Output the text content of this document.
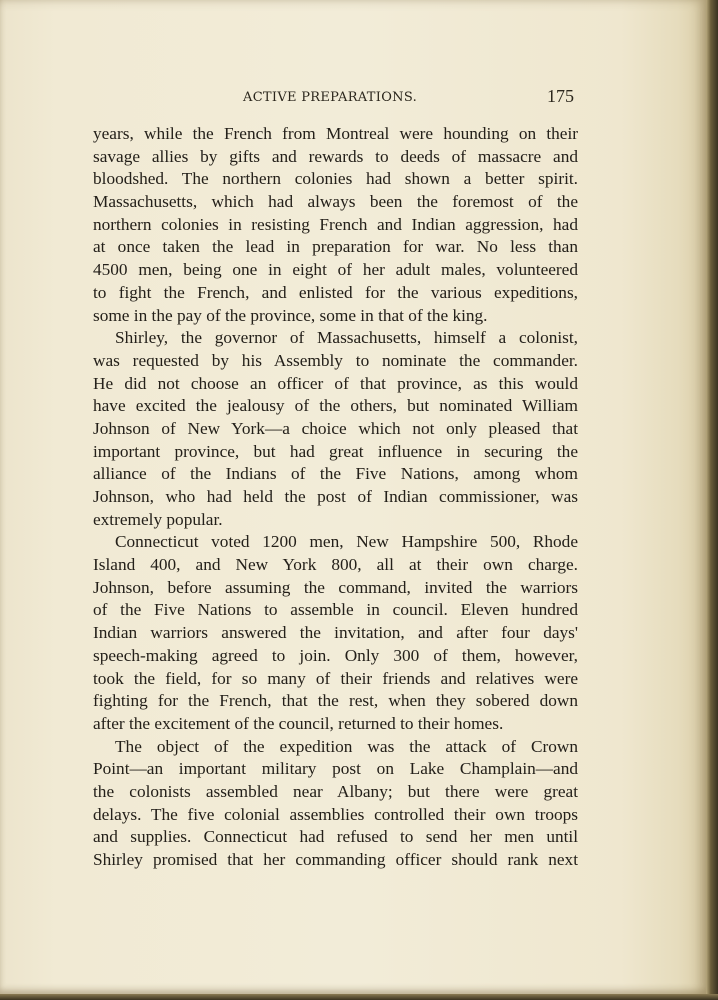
ACTIVE PREPARATIONS.	175
years, while the French from Montreal were hounding on their
savage allies by gifts and rewards to deeds of massacre and
bloodshed. The northern colonies had shown a better spirit.
Massachusetts, which had always been the foremost of the
northern colonies in resisting French and Indian aggression, had
at once taken the lead in preparation for war. No less than
4500 men, being one in eight of her adult males, volunteered
to fight the French, and enlisted for the various expeditions,
some in the pay of the province, some in that of the king.
Shirley, the governor of Massachusetts, himself a colonist,
was requested by his Assembly to nominate the commander.
He did not choose an officer of that province, as this would
have excited the jealousy of the others, but nominated William
Johnson of New York—a choice which not only pleased that
important province, but had great influence in securing the
alliance of the Indians of the Five Nations, among whom
Johnson, who had held the post of Indian commissioner, was
extremely popular.
Connecticut voted 1200 men, New Hampshire 500, Rhode
Island 400, and New York 800, all at their own charge.
Johnson, before assuming the command, invited the warriors
of the Five Nations to assemble in council. Eleven hundred
Indian warriors answered the invitation, and after four days'
speech-making agreed to join. Only 300 of them, however,
took the field, for so many of their friends and relatives were
fighting for the French, that the rest, when they sobered down
after the excitement of the council, returned to their homes.
The object of the expedition was the attack of Crown
Point—an important military post on Lake Champlain—and
the colonists assembled near Albany; but there were great
delays. The five colonial assemblies controlled their own troops
and supplies. Connecticut had refused to send her men until
Shirley promised that her commanding officer should rank next
